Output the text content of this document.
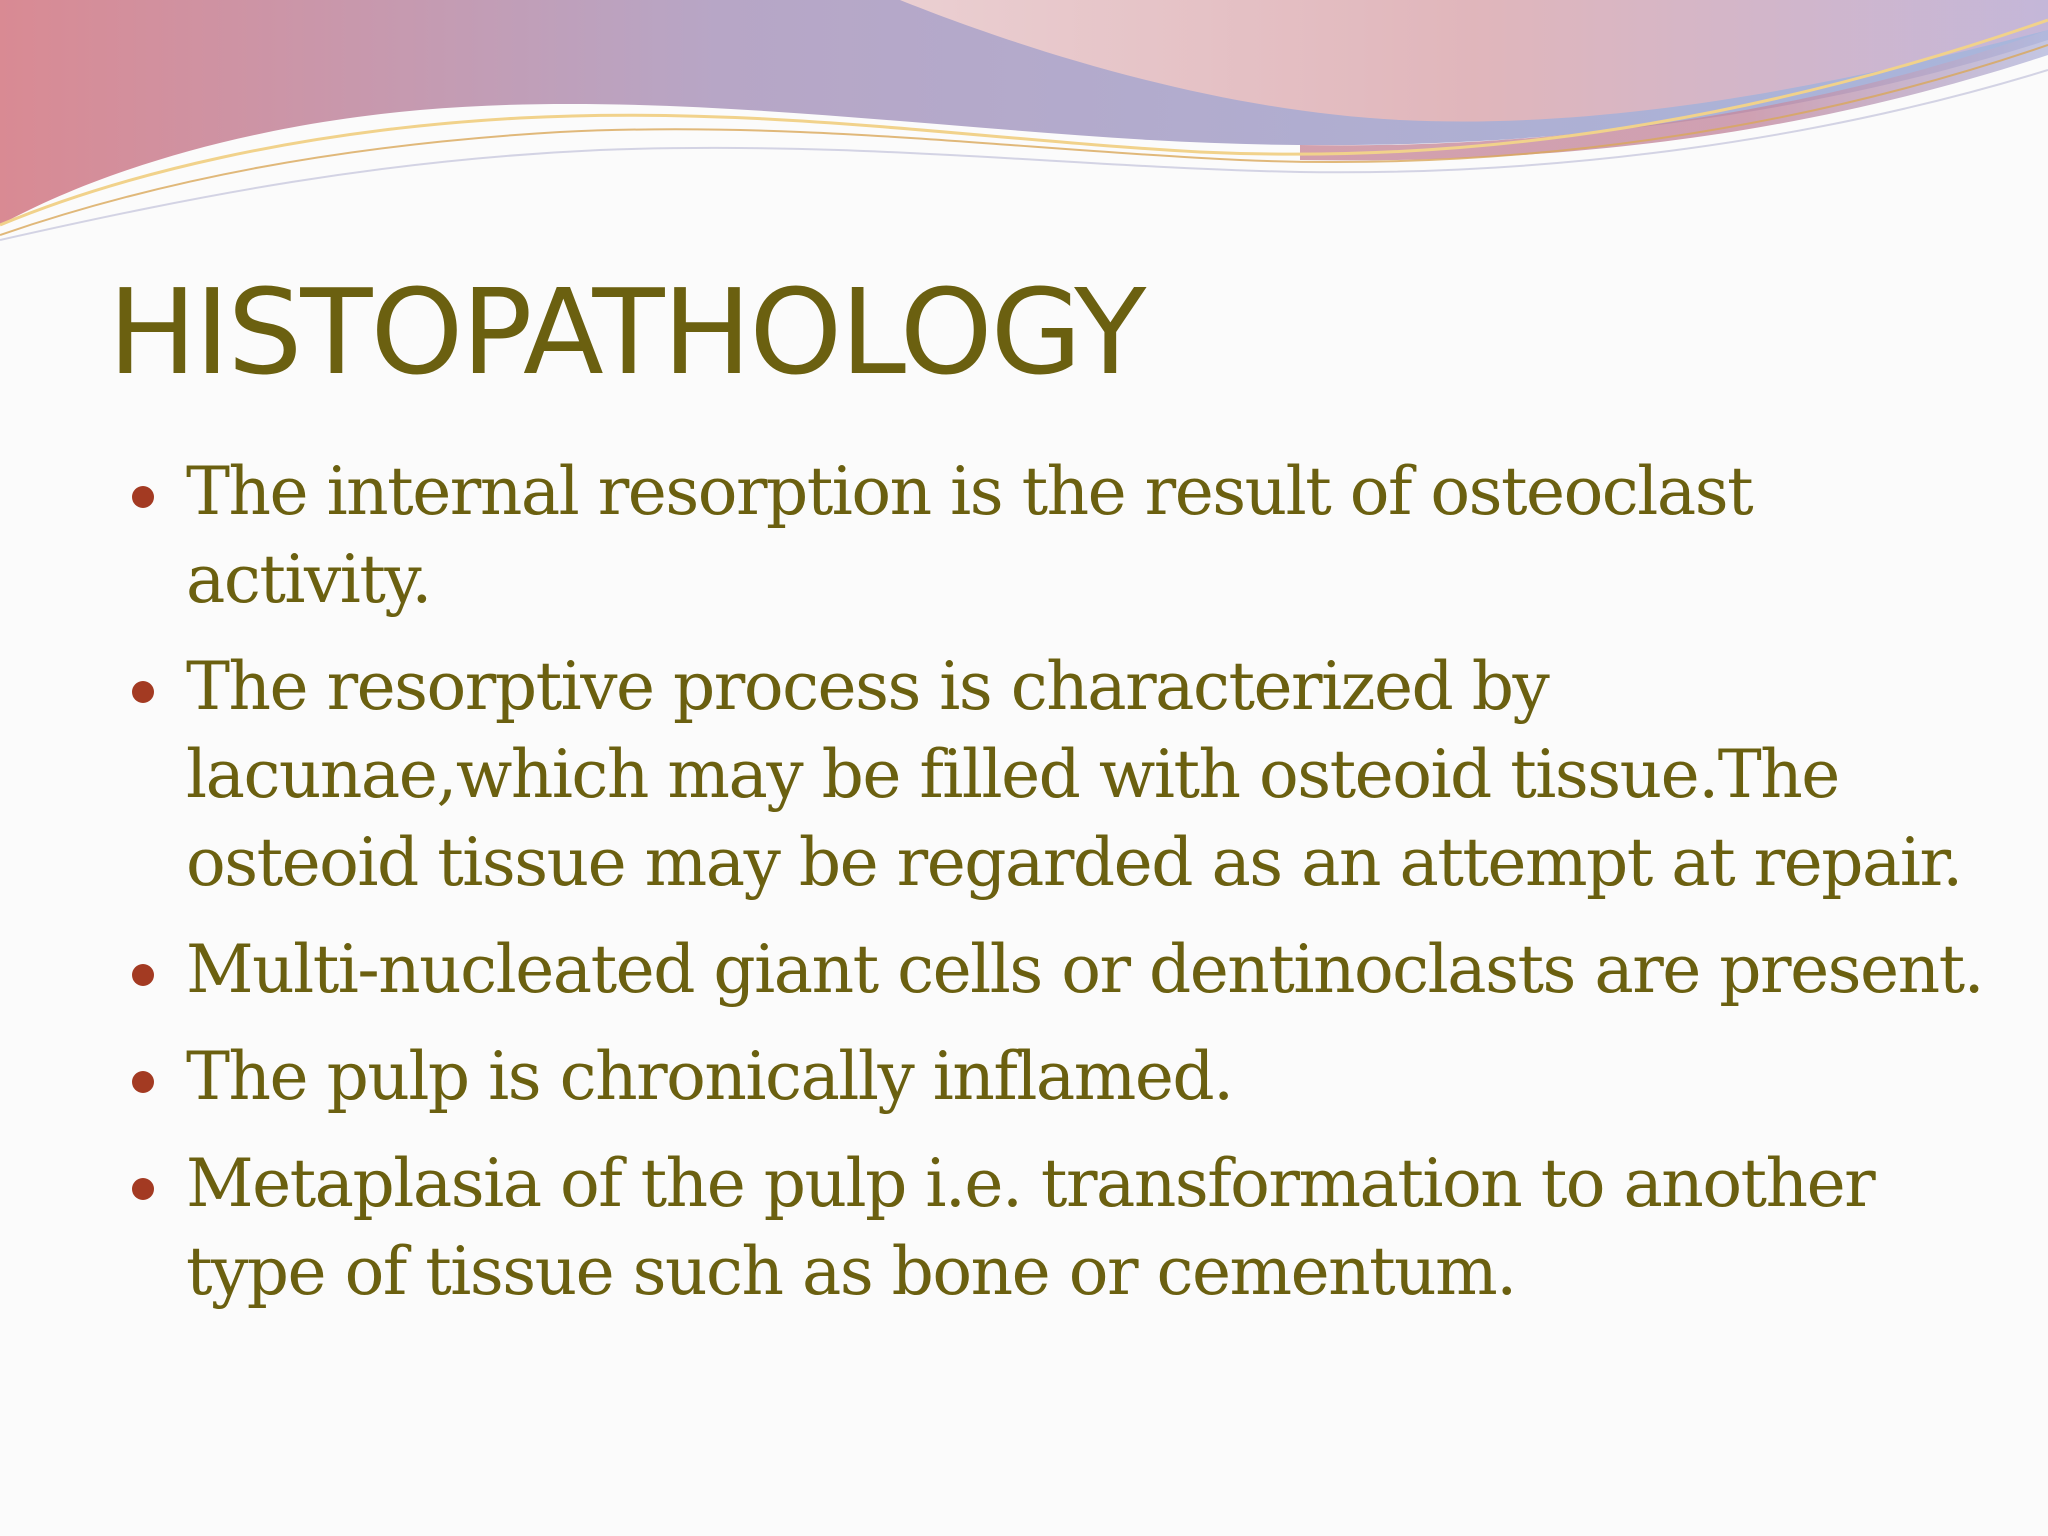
HISTOPATHOLOGY
The internal resorption is the result of osteoclast activity.
The resorptive process is characterized by lacunae,which may be filled with osteoid tissue.The osteoid tissue may be regarded as an attempt at repair.
Multi-nucleated giant cells or dentinoclasts are present.
The pulp is chronically inflamed.
Metaplasia of the pulp i.e. transformation to another type of tissue such as bone or cementum.
